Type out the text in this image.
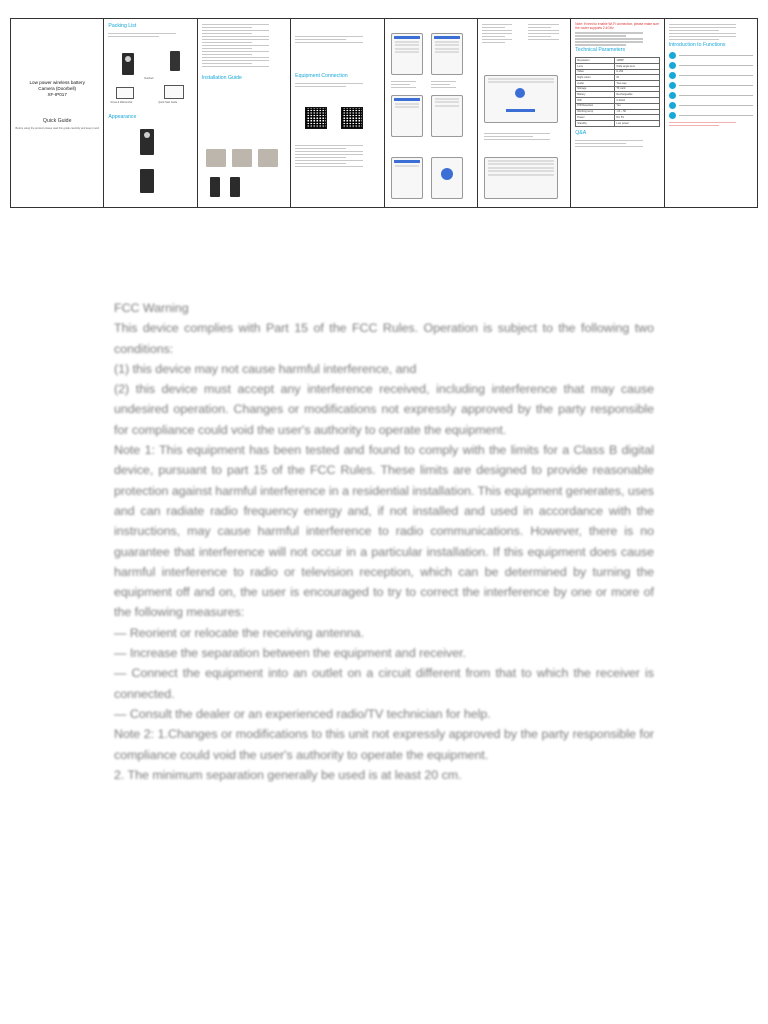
Low power wireless battery
Camera (Doorbell)
XF-IP017
Quick Guide
Before using the product please read this guide carefully and keep it well
Packing List
Doorbell
Screw & Wall anchor	Quick Start Guide
Appearance
Installation Guide	Equipment Connection
Note: If need to enable Wi-Fi connection, please make sure the router supports 2.4GHz
Technical Parameters
Resolution	1080P
Lens	Wide angle lens
Video	H.264
Night vision	IR
Audio	Two-way
Storage	TF card
Battery	Rechargeable
Wifi	2.4GHz
PIR Detection	Yes
Working temp	-10 ~ 50
Power	DC 5V
Standby	Low power
Q&A
Introduction to Functions

FCC Warning

This device complies with Part 15 of the FCC Rules. Operation is subject to the following two conditions:

(1) this device may not cause harmful interference, and

(2) this device must accept any interference received, including interference that may cause undesired operation. Changes or modifications not expressly approved by the party responsible for compliance could void the user's authority to operate the equipment.

Note 1: This equipment has been tested and found to comply with the limits for a Class B digital device, pursuant to part 15 of the FCC Rules. These limits are designed to provide reasonable protection against harmful interference in a residential installation. This equipment generates, uses and can radiate radio frequency energy and, if not installed and used in accordance with the instructions, may cause harmful interference to radio communications. However, there is no guarantee that interference will not occur in a particular installation. If this equipment does cause harmful interference to radio or television reception, which can be determined by turning the equipment off and on, the user is encouraged to try to correct the interference by one or more of the following measures:

— Reorient or relocate the receiving antenna.

— Increase the separation between the equipment and receiver.

— Connect the equipment into an outlet on a circuit different from that to which the receiver is connected.

— Consult the dealer or an experienced radio/TV technician for help.

Note 2: 1.Changes or modifications to this unit not expressly approved by the party responsible for compliance could void the user's authority to operate the equipment.

2. The minimum separation generally be used is at least 20 cm.
